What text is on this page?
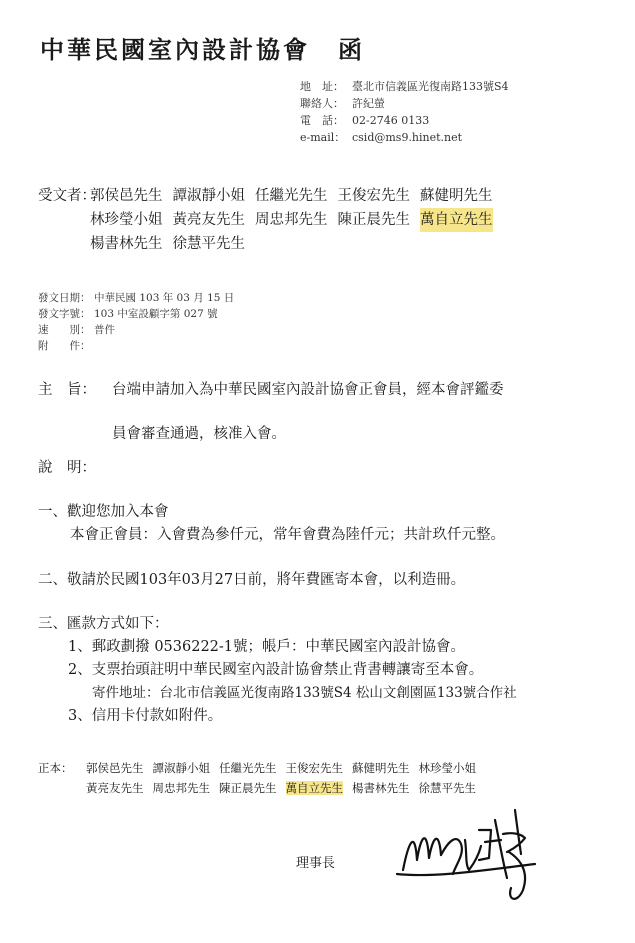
中華民國室內設計協會 函
地　址： 臺北市信義區光復南路133號S4
聯絡人： 許紀螢
電　話： 02-2746 0133
e-mail： csid@ms9.hinet.net
受文者：
郭侯邑先生 譚淑靜小姐 任繼光先生 王俊宏先生 蘇健明先生
林珍瑩小姐 黃亮友先生 周忠邦先生 陳正晨先生 萬自立先生
楊書林先生 徐慧平先生
發文日期： 中華民國 103 年 03 月 15 日
發文字號： 103 中室設顧字第 027 號
速　　別： 普件
附　　件：
主　旨： 台端申請加入為中華民國室內設計協會正會員，經本會評鑑委
員會審查通過，核准入會。
說　明：
一、歡迎您加入本會
本會正會員：入會費為參仟元，常年會費為陸仟元；共計玖仟元整。
二、敬請於民國103年03月27日前，將年費匯寄本會，以利造冊。
三、匯款方式如下：
1、郵政劃撥 0536222-1號；帳戶：中華民國室內設計協會。
2、支票抬頭註明中華民國室內設計協會禁止背書轉讓寄至本會。
寄件地址：台北市信義區光復南路133號S4 松山文創園區133號合作社
3、信用卡付款如附件。
正本： 郭侯邑先生 譚淑靜小姐 任繼光先生 王俊宏先生 蘇健明先生 林珍瑩小姐
黃亮友先生 周忠邦先生 陳正晨先生 萬自立先生 楊書林先生 徐慧平先生
理事長
